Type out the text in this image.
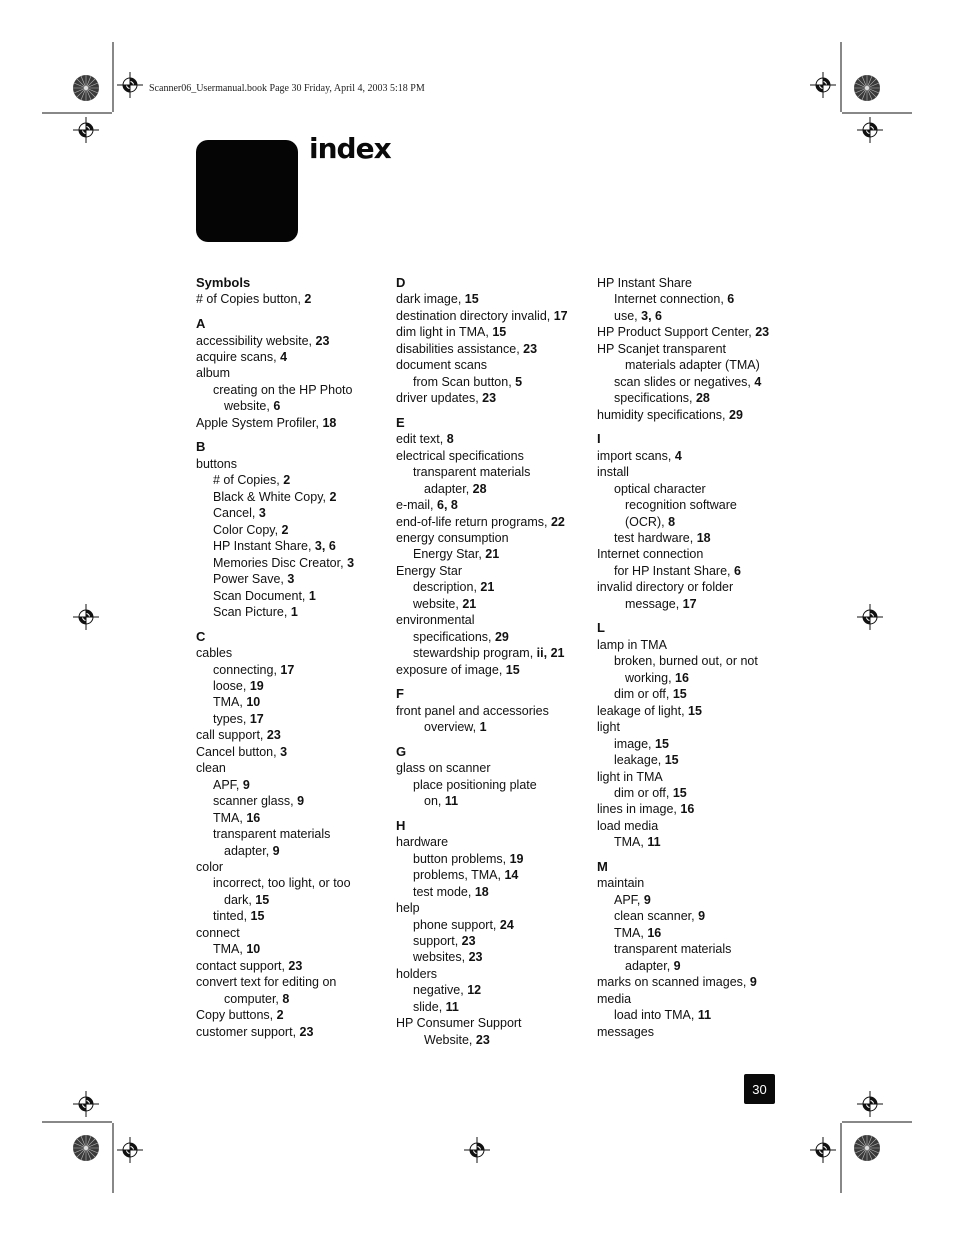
Scanner06_Usermanual.book Page 30 Friday, April 4, 2003 5:18 PM
index
Symbols
# of Copies button, 2
A
accessibility website, 23
acquire scans, 4
album
creating on the HP Photo
website, 6
Apple System Profiler, 18
B
buttons
# of Copies, 2
Black & White Copy, 2
Cancel, 3
Color Copy, 2
HP Instant Share, 3, 6
Memories Disc Creator, 3
Power Save, 3
Scan Document, 1
Scan Picture, 1
C
cables
connecting, 17
loose, 19
TMA, 10
types, 17
call support, 23
Cancel button, 3
clean
APF, 9
scanner glass, 9
TMA, 16
transparent materials
adapter, 9
color
incorrect, too light, or too
dark, 15
tinted, 15
connect
TMA, 10
contact support, 23
convert text for editing on
computer, 8
Copy buttons, 2
customer support, 23
D
dark image, 15
destination directory invalid, 17
dim light in TMA, 15
disabilities assistance, 23
document scans
from Scan button, 5
driver updates, 23
E
edit text, 8
electrical specifications
transparent materials
adapter, 28
e-mail, 6, 8
end-of-life return programs, 22
energy consumption
Energy Star, 21
Energy Star
description, 21
website, 21
environmental
specifications, 29
stewardship program, ii, 21
exposure of image, 15
F
front panel and accessories
overview, 1
G
glass on scanner
place positioning plate
on, 11
H
hardware
button problems, 19
problems, TMA, 14
test mode, 18
help
phone support, 24
support, 23
websites, 23
holders
negative, 12
slide, 11
HP Consumer Support
Website, 23
HP Instant Share
Internet connection, 6
use, 3, 6
HP Product Support Center, 23
HP Scanjet transparent
materials adapter (TMA)
scan slides or negatives, 4
specifications, 28
humidity specifications, 29
I
import scans, 4
install
optical character
recognition software
(OCR), 8
test hardware, 18
Internet connection
for HP Instant Share, 6
invalid directory or folder
message, 17
L
lamp in TMA
broken, burned out, or not
working, 16
dim or off, 15
leakage of light, 15
light
image, 15
leakage, 15
light in TMA
dim or off, 15
lines in image, 16
load media
TMA, 11
M
maintain
APF, 9
clean scanner, 9
TMA, 16
transparent materials
adapter, 9
marks on scanned images, 9
media
load into TMA, 11
messages
30
